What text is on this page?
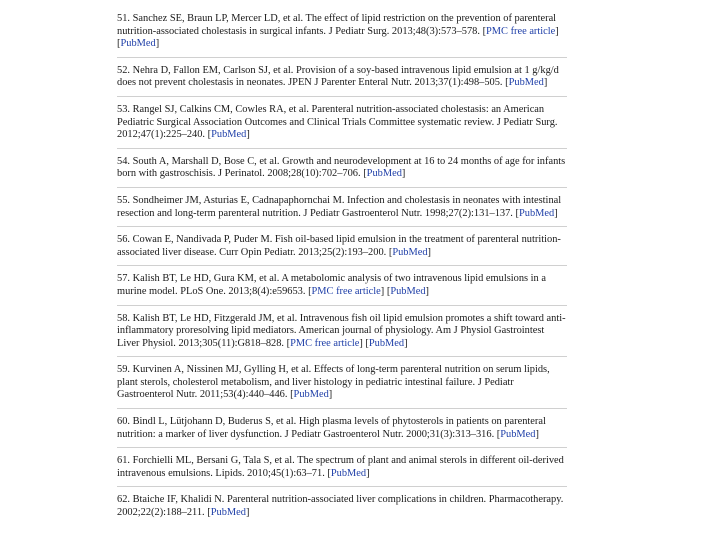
51. Sanchez SE, Braun LP, Mercer LD, et al. The effect of lipid restriction on the prevention of parenteral nutrition-associated cholestasis in surgical infants. J Pediatr Surg. 2013;48(3):573–578. [PMC free article] [PubMed]
52. Nehra D, Fallon EM, Carlson SJ, et al. Provision of a soy-based intravenous lipid emulsion at 1 g/kg/d does not prevent cholestasis in neonates. JPEN J Parenter Enteral Nutr. 2013;37(1):498–505. [PubMed]
53. Rangel SJ, Calkins CM, Cowles RA, et al. Parenteral nutrition-associated cholestasis: an American Pediatric Surgical Association Outcomes and Clinical Trials Committee systematic review. J Pediatr Surg. 2012;47(1):225–240. [PubMed]
54. South A, Marshall D, Bose C, et al. Growth and neurodevelopment at 16 to 24 months of age for infants born with gastroschisis. J Perinatol. 2008;28(10):702–706. [PubMed]
55. Sondheimer JM, Asturias E, Cadnapaphornchai M. Infection and cholestasis in neonates with intestinal resection and long-term parenteral nutrition. J Pediatr Gastroenterol Nutr. 1998;27(2):131–137. [PubMed]
56. Cowan E, Nandivada P, Puder M. Fish oil-based lipid emulsion in the treatment of parenteral nutrition-associated liver disease. Curr Opin Pediatr. 2013;25(2):193–200. [PubMed]
57. Kalish BT, Le HD, Gura KM, et al. A metabolomic analysis of two intravenous lipid emulsions in a murine model. PLoS One. 2013;8(4):e59653. [PMC free article] [PubMed]
58. Kalish BT, Le HD, Fitzgerald JM, et al. Intravenous fish oil lipid emulsion promotes a shift toward anti-inflammatory proresolving lipid mediators. American journal of physiology. Am J Physiol Gastrointest Liver Physiol. 2013;305(11):G818–828. [PMC free article] [PubMed]
59. Kurvinen A, Nissinen MJ, Gylling H, et al. Effects of long-term parenteral nutrition on serum lipids, plant sterols, cholesterol metabolism, and liver histology in pediatric intestinal failure. J Pediatr Gastroenterol Nutr. 2011;53(4):440–446. [PubMed]
60. Bindl L, Lütjohann D, Buderus S, et al. High plasma levels of phytosterols in patients on parenteral nutrition: a marker of liver dysfunction. J Pediatr Gastroenterol Nutr. 2000;31(3):313–316. [PubMed]
61. Forchielli ML, Bersani G, Tala S, et al. The spectrum of plant and animal sterols in different oil-derived intravenous emulsions. Lipids. 2010;45(1):63–71. [PubMed]
62. Btaiche IF, Khalidi N. Parenteral nutrition-associated liver complications in children. Pharmacotherapy. 2002;22(2):188–211. [PubMed]
